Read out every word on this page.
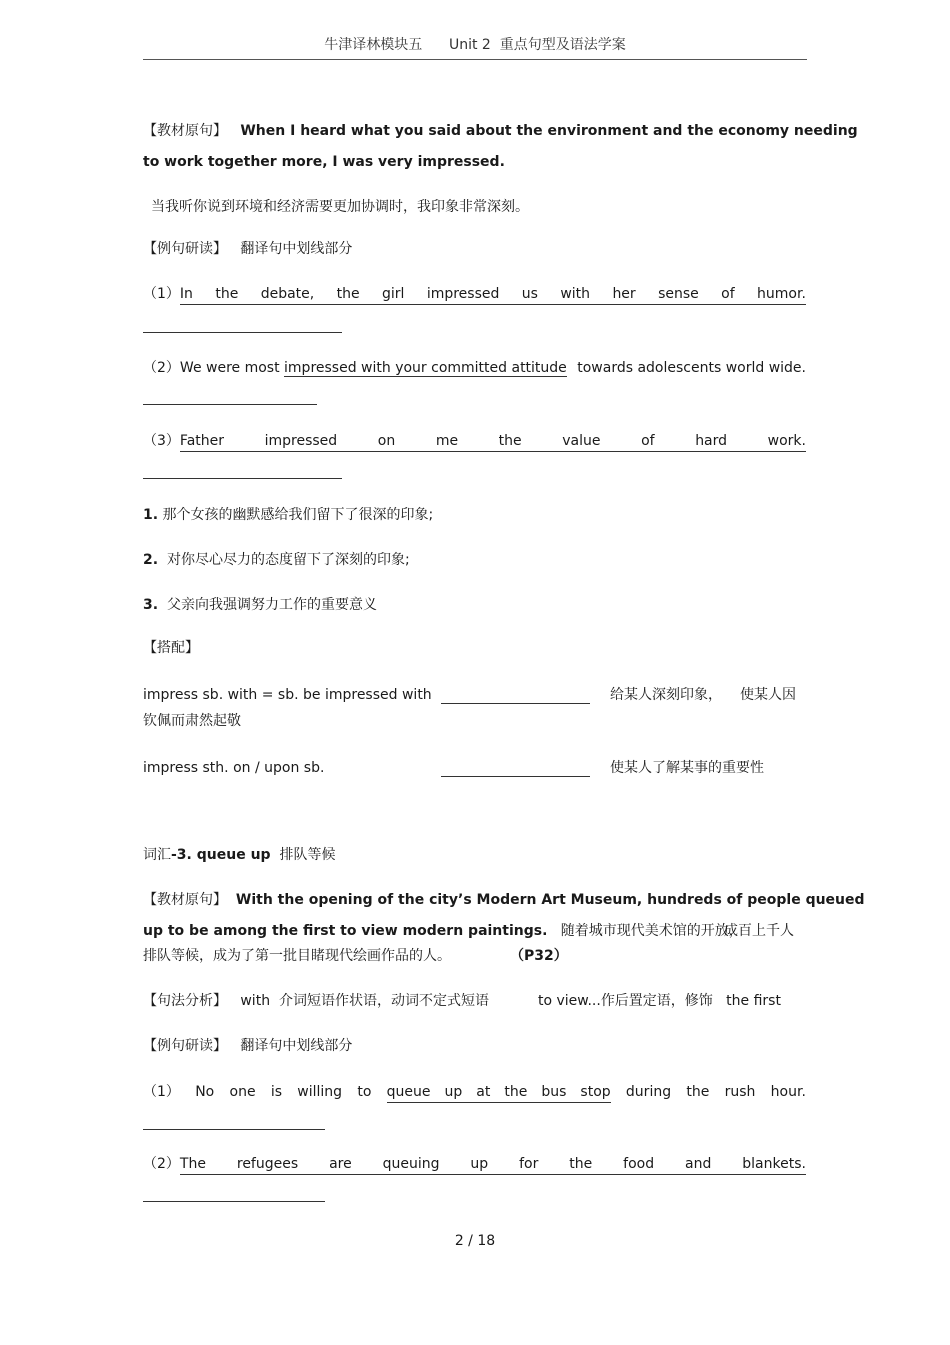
牛津译林模块五      Unit 2  重点句型及语法学案
【教材原句】 When I heard what you said about the environment and the economy needing
to work together more, I was very impressed.
当我听你说到环境和经济需要更加协调时，我印象非常深刻。
【例句研读】 翻译句中划线部分
（1） In the debate, the girl impressed us with her sense of humor.
（2）We were most impressed with your committed attitude towards adolescents world wide.
（3） Father	impressed	on	me	the	value	of	hard	work.
1. 那个女孩的幽默感给我们留下了很深的印象;
2. 对你尽心尽力的态度留下了深刻的印象;
3. 父亲向我强调努力工作的重要意义
【搭配】
impress sb. with = sb. be impressed with	给某人深刻印象， 使某人因
钦佩而肃然起敬
impress sth. on / upon sb.	使某人了解某事的重要性
词汇-3. queue up 排队等候
【教材原句】 With the opening of the city’s Modern Art Museum, hundreds of people queued
up to be among the first to view modern paintings. 随着城市现代美术馆的开放，
成百上千人
排队等候，成为了第一批目睹现代绘画作品的人。	（P32）
【句法分析】 with 介词短语作状语，动词不定式短语	to view...作后置定语，修饰 the first
【例句研读】 翻译句中划线部分
（1） No one is willing to queue up at the bus stop during the rush hour.
（2） The refugees are queuing up for the food and blankets.
2 / 18
